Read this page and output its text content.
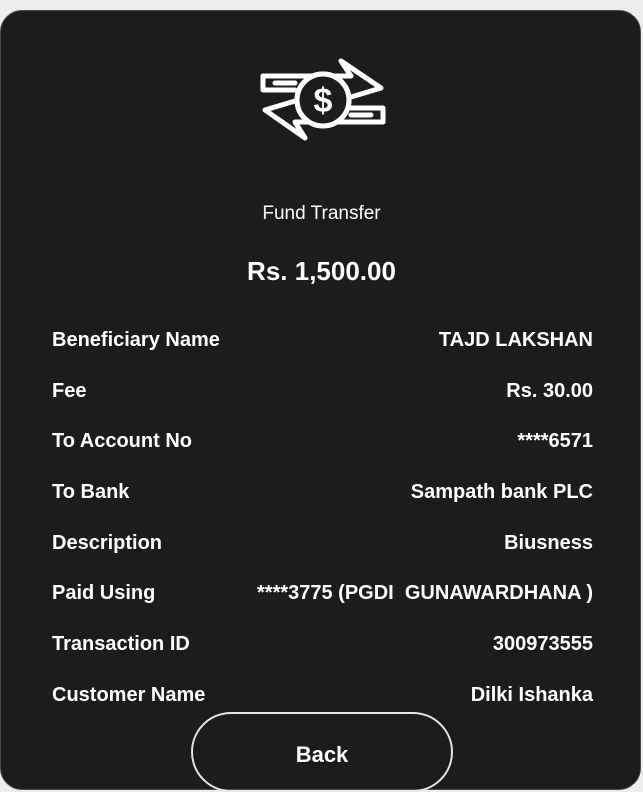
$
Fund Transfer
Rs. 1,500.00
Beneficiary Name	TAJD LAKSHAN
Fee	Rs. 30.00
To Account No	****6571
To Bank	Sampath bank PLC
Description	Biusness
Paid Using	****3775 (PGDI  GUNAWARDHANA )
Transaction ID	300973555
Customer Name	Dilki Ishanka
Back
